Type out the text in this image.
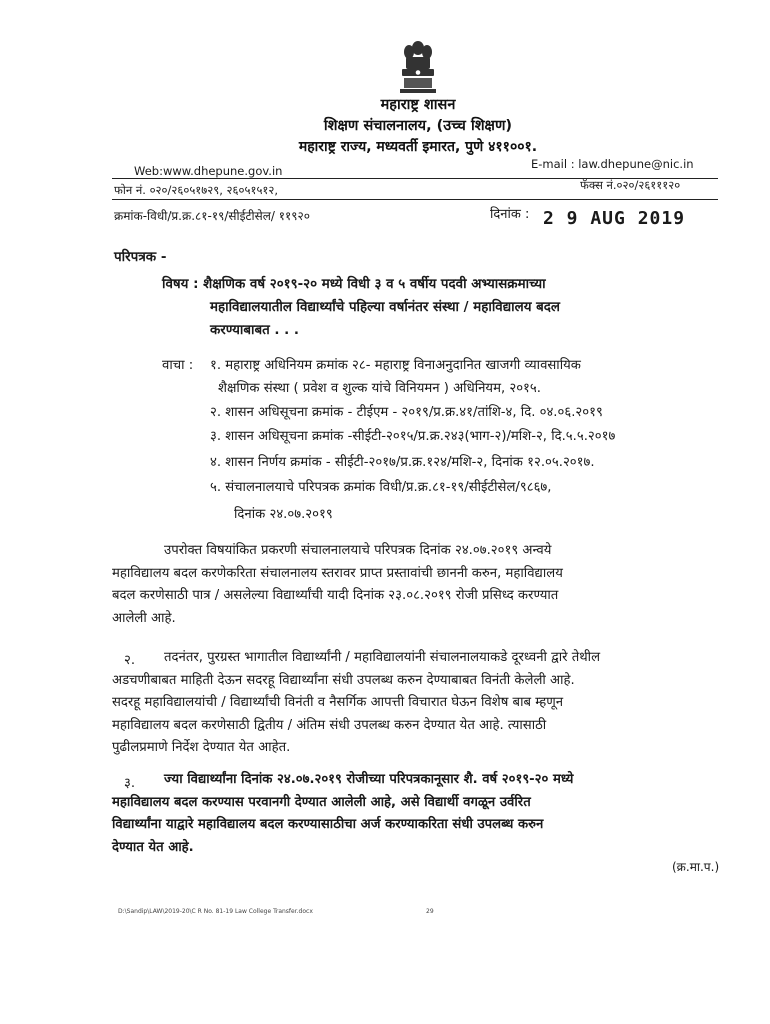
महाराष्ट्र शासन
शिक्षण संचालनालय, (उच्च शिक्षण)
महाराष्ट्र राज्य, मध्यवर्ती इमारत, पुणे ४११००१.
Web:www.dhepune.gov.in	E-mail : law.dhepune@nic.in
फोन नं. ०२०/२६०५१७२९, २६०५१५१२,	फॅक्स नं.०२०/२६१११२०
क्रमांक-विधी/प्र.क्र.८१-१९/सीईटीसेल/ ११९२०	दिनांक : 2 9 AUG 2019
परिपत्रक -
विषय : शैक्षणिक वर्ष २०१९-२० मध्ये विधी ३ व ५ वर्षीय पदवी अभ्यासक्रमाच्या
महाविद्यालयातील विद्यार्थ्यांचे पहिल्या वर्षानंतर संस्था / महाविद्यालय बदल
करण्याबाबत . . .
वाचा : १. महाराष्ट्र अधिनियम क्रमांक २८- महाराष्ट्र विनाअनुदानित खाजगी व्यावसायिक
शैक्षणिक संस्था ( प्रवेश व शुल्क यांचे विनियमन ) अधिनियम, २०१५.
२. शासन अधिसूचना क्रमांक - टीईएम - २०१९/प्र.क्र.४१/तांशि-४, दि. ०४.०६.२०१९
३. शासन अधिसूचना क्रमांक -सीईटी-२०१५/प्र.क्र.२४३(भाग-२)/मशि-२, दि.५.५.२०१७
४. शासन निर्णय क्रमांक - सीईटी-२०१७/प्र.क्र.१२४/मशि-२, दिनांक १२.०५.२०१७.
५. संचालनालयाचे परिपत्रक क्रमांक विधी/प्र.क्र.८१-१९/सीईटीसेल/९८६७,
दिनांक २४.०७.२०१९
उपरोक्त विषयांकित प्रकरणी संचालनालयाचे परिपत्रक दिनांक २४.०७.२०१९ अन्वये
महाविद्यालय बदल करणेकरिता संचालनालय स्तरावर प्राप्त प्रस्तावांची छाननी करुन, महाविद्यालय
बदल करणेसाठी पात्र / असलेल्या विद्यार्थ्यांची यादी दिनांक २३.०८.२०१९ रोजी प्रसिध्द करण्यात
आलेली आहे.
२.	तदनंतर, पुरग्रस्त भागातील विद्यार्थ्यांनी / महाविद्यालयांनी संचालनालयाकडे दूरध्वनी द्वारे तेथील
अडचणीबाबत माहिती देऊन सदरहू विद्यार्थ्यांना संधी उपलब्ध करुन देण्याबाबत विनंती केलेली आहे.
सदरहू महाविद्यालयांची / विद्यार्थ्यांची विनंती व नैसर्गिक आपत्ती विचारात घेऊन विशेष बाब म्हणून
महाविद्यालय बदल करणेसाठी द्वितीय / अंतिम संधी उपलब्ध करुन देण्यात येत आहे. त्यासाठी
पुढीलप्रमाणे निर्देश देण्यात येत आहेत.
३.	ज्या विद्यार्थ्यांना दिनांक २४.०७.२०१९ रोजीच्या परिपत्रकानूसार शै. वर्ष २०१९-२० मध्ये
महाविद्यालय बदल करण्यास परवानगी देण्यात आलेली आहे, असे विद्यार्थी वगळून उर्वरित
विद्यार्थ्यांना याद्वारे महाविद्यालय बदल करण्यासाठीचा अर्ज करण्याकरिता संधी उपलब्ध करुन
देण्यात येत आहे.
(क्र.मा.प.)
D:\Sandip\LAW\2019-20\C R No. 81-19 Law College Transfer.docx	29
